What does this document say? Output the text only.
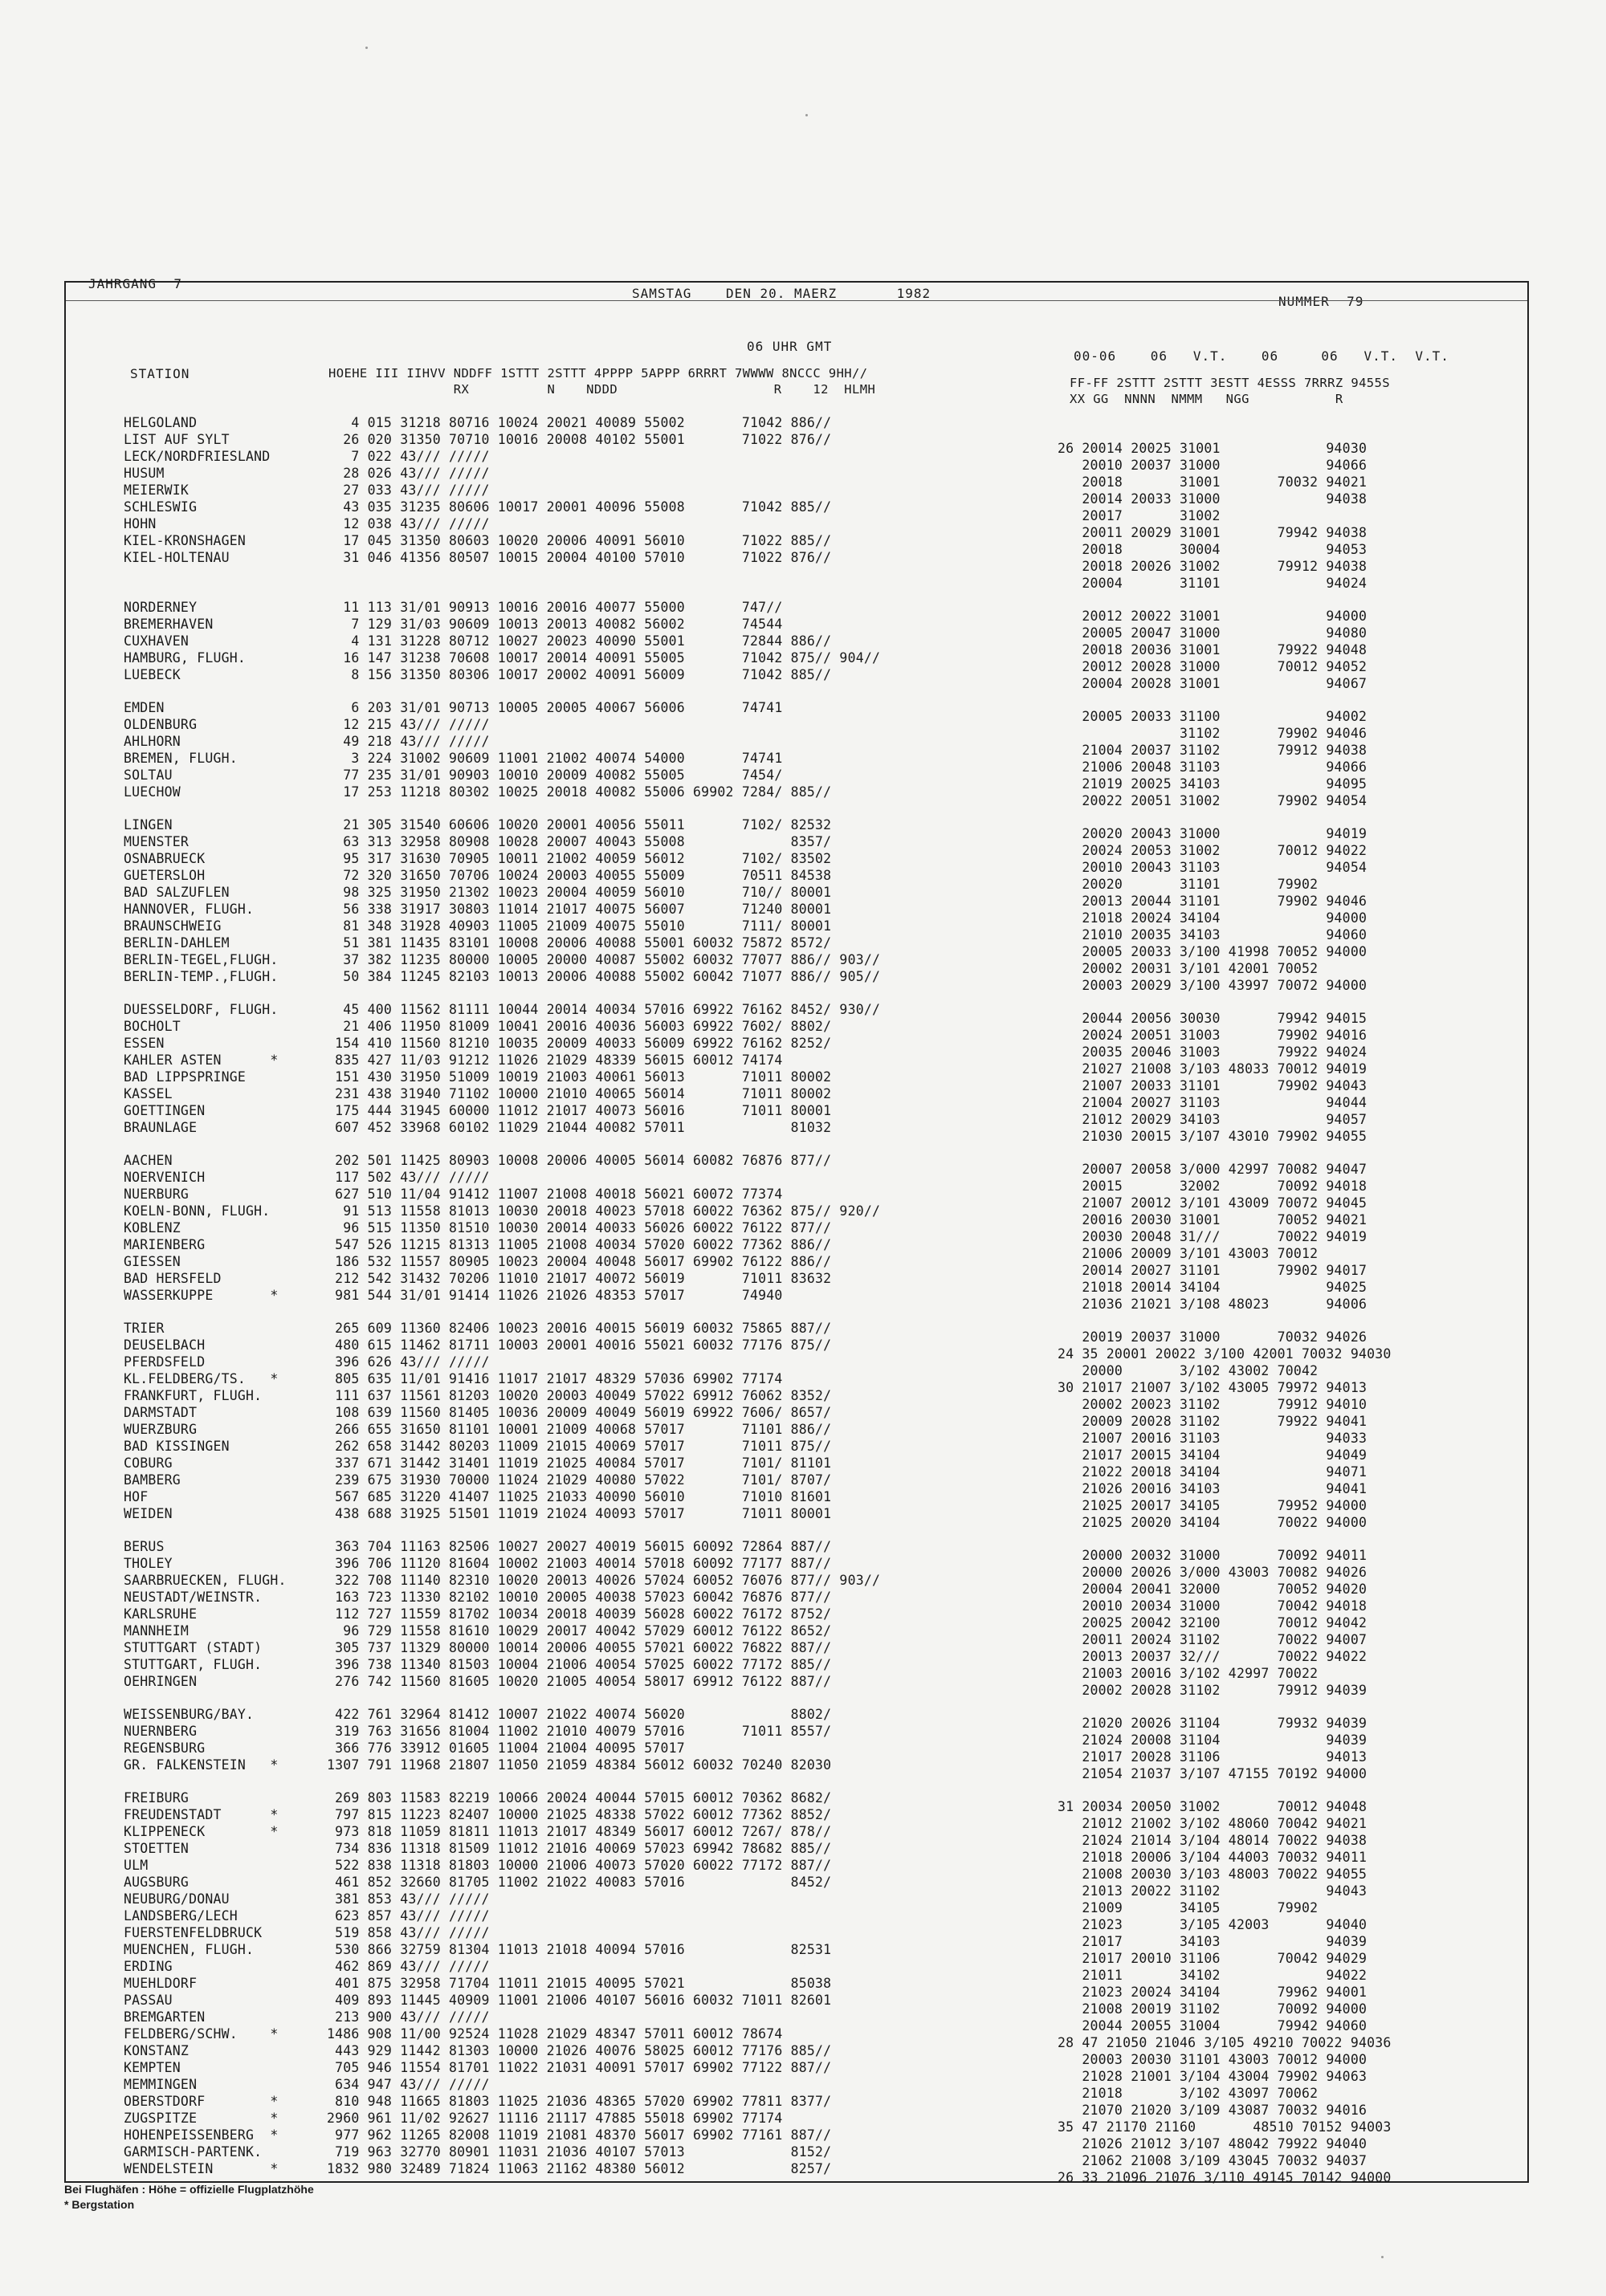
JAHRGANG  7
SAMSTAG    DEN 20. MAERZ       1982
NUMMER  79
06 UHR GMT
00-06    06   V.T.    06     06   V.T.  V.T.
STATION	HOEHE III IIHVV NDDFF 1STTT 2STTT 4PPPP 5APPP 6RRRT 7WWWW 8NCCC 9HH//
RX          N    NDDD                    R    12  HLMH	FF-FF 2STTT 2STTT 3ESTT 4ESSS 7RRRZ 9455S
XX GG  NNNN  NMMM   NGG           R
HELGOLAND
LIST AUF SYLT
LECK/NORDFRIESLAND
HUSUM
MEIERWIK
SCHLESWIG
HOHN
KIEL-KRONSHAGEN
KIEL-HOLTENAU
NORDERNEY
BREMERHAVEN
CUXHAVEN
HAMBURG, FLUGH.
LUEBECK
EMDEN
OLDENBURG
AHLHORN
BREMEN, FLUGH.
SOLTAU
LUECHOW
LINGEN
MUENSTER
OSNABRUECK
GUETERSLOH
BAD SALZUFLEN
HANNOVER, FLUGH.
BRAUNSCHWEIG
BERLIN-DAHLEM
BERLIN-TEGEL,FLUGH.
BERLIN-TEMP.,FLUGH.
DUESSELDORF, FLUGH.
BOCHOLT
ESSEN
KAHLER ASTEN      *
BAD LIPPSPRINGE
KASSEL
GOETTINGEN
BRAUNLAGE
AACHEN
NOERVENICH
NUERBURG
KOELN-BONN, FLUGH.
KOBLENZ
MARIENBERG
GIESSEN
BAD HERSFELD
WASSERKUPPE       *
TRIER
DEUSELBACH
PFERDSFELD
KL.FELDBERG/TS.   *
FRANKFURT, FLUGH.
DARMSTADT
WUERZBURG
BAD KISSINGEN
COBURG
BAMBERG
HOF
WEIDEN
BERUS
THOLEY
SAARBRUECKEN, FLUGH.
NEUSTADT/WEINSTR.
KARLSRUHE
MANNHEIM
STUTTGART (STADT)
STUTTGART, FLUGH.
OEHRINGEN
WEISSENBURG/BAY.
NUERNBERG
REGENSBURG
GR. FALKENSTEIN   *
FREIBURG
FREUDENSTADT      *
KLIPPENECK        *
STOETTEN
ULM
AUGSBURG
NEUBURG/DONAU
LANDSBERG/LECH
FUERSTENFELDBRUCK
MUENCHEN, FLUGH.
ERDING
MUEHLDORF
PASSAU
BREMGARTEN
FELDBERG/SCHW.    *
KONSTANZ
KEMPTEN
MEMMINGEN
OBERSTDORF        *
ZUGSPITZE         *
HOHENPEISSENBERG  *
GARMISCH-PARTENK.
WENDELSTEIN       *
4 015 31218 80716 10024 20021 40089 55002       71042 886//
26 020 31350 70710 10016 20008 40102 55001       71022 876//
7 022 43/// /////
28 026 43/// /////
27 033 43/// /////
43 035 31235 80606 10017 20001 40096 55008       71042 885//
12 038 43/// /////
17 045 31350 80603 10020 20006 40091 56010       71022 885//
31 046 41356 80507 10015 20004 40100 57010       71022 876//
11 113 31/01 90913 10016 20016 40077 55000       747//
7 129 31/03 90609 10013 20013 40082 56002       74544
4 131 31228 80712 10027 20023 40090 55001       72844 886//
16 147 31238 70608 10017 20014 40091 55005       71042 875// 904//
8 156 31350 80306 10017 20002 40091 56009       71042 885//
6 203 31/01 90713 10005 20005 40067 56006       74741
12 215 43/// /////
49 218 43/// /////
3 224 31002 90609 11001 21002 40074 54000       74741
77 235 31/01 90903 10010 20009 40082 55005       7454/
17 253 11218 80302 10025 20018 40082 55006 69902 7284/ 885//
21 305 31540 60606 10020 20001 40056 55011       7102/ 82532
63 313 32958 80908 10028 20007 40043 55008             8357/
95 317 31630 70905 10011 21002 40059 56012       7102/ 83502
72 320 31650 70706 10024 20003 40055 55009       70511 84538
98 325 31950 21302 10023 20004 40059 56010       710// 80001
56 338 31917 30803 11014 21017 40075 56007       71240 80001
81 348 31928 40903 11005 21009 40075 55010       7111/ 80001
51 381 11435 83101 10008 20006 40088 55001 60032 75872 8572/
37 382 11235 80000 10005 20000 40087 55002 60032 77077 886// 903//
50 384 11245 82103 10013 20006 40088 55002 60042 71077 886// 905//
45 400 11562 81111 10044 20014 40034 57016 69922 76162 8452/ 930//
21 406 11950 81009 10041 20016 40036 56003 69922 7602/ 8802/
154 410 11560 81210 10035 20009 40033 56009 69922 76162 8252/
835 427 11/03 91212 11026 21029 48339 56015 60012 74174
151 430 31950 51009 10019 21003 40061 56013       71011 80002
231 438 31940 71102 10000 21010 40065 56014       71011 80002
175 444 31945 60000 11012 21017 40073 56016       71011 80001
607 452 33968 60102 11029 21044 40082 57011             81032
202 501 11425 80903 10008 20006 40005 56014 60082 76876 877//
117 502 43/// /////
627 510 11/04 91412 11007 21008 40018 56021 60072 77374
91 513 11558 81013 10030 20018 40023 57018 60022 76362 875// 920//
96 515 11350 81510 10030 20014 40033 56026 60022 76122 877//
547 526 11215 81313 11005 21008 40034 57020 60022 77362 886//
186 532 11557 80905 10023 20004 40048 56017 69902 76122 886//
212 542 31432 70206 11010 21017 40072 56019       71011 83632
981 544 31/01 91414 11026 21026 48353 57017       74940
265 609 11360 82406 10023 20016 40015 56019 60032 75865 887//
480 615 11462 81711 10003 20001 40016 55021 60032 77176 875//
396 626 43/// /////
805 635 11/01 91416 11017 21017 48329 57036 69902 77174
111 637 11561 81203 10020 20003 40049 57022 69912 76062 8352/
108 639 11560 81405 10036 20009 40049 56019 69922 7606/ 8657/
266 655 31650 81101 10001 21009 40068 57017       71101 886//
262 658 31442 80203 11009 21015 40069 57017       71011 875//
337 671 31442 31401 11019 21025 40084 57017       7101/ 81101
239 675 31930 70000 11024 21029 40080 57022       7101/ 8707/
567 685 31220 41407 11025 21033 40090 56010       71010 81601
438 688 31925 51501 11019 21024 40093 57017       71011 80001
363 704 11163 82506 10027 20027 40019 56015 60092 72864 887//
396 706 11120 81604 10002 21003 40014 57018 60092 77177 887//
322 708 11140 82310 10020 20013 40026 57024 60052 76076 877// 903//
163 723 11330 82102 10010 20005 40038 57023 60042 76876 877//
112 727 11559 81702 10034 20018 40039 56028 60022 76172 8752/
96 729 11558 81610 10029 20017 40042 57029 60012 76122 8652/
305 737 11329 80000 10014 20006 40055 57021 60022 76822 887//
396 738 11340 81503 10004 21006 40054 57025 60022 77172 885//
276 742 11560 81605 10020 21005 40054 58017 69912 76122 887//
422 761 32964 81412 10007 21022 40074 56020             8802/
319 763 31656 81004 11002 21010 40079 57016       71011 8557/
366 776 33912 01605 11004 21004 40095 57017
1307 791 11968 21807 11050 21059 48384 56012 60032 70240 82030
269 803 11583 82219 10066 20024 40044 57015 60012 70362 8682/
797 815 11223 82407 10000 21025 48338 57022 60012 77362 8852/
973 818 11059 81811 11013 21017 48349 56017 60012 7267/ 878//
734 836 11318 81509 11012 21016 40069 57023 69942 78682 885//
522 838 11318 81803 10000 21006 40073 57020 60022 77172 887//
461 852 32660 81705 11002 21022 40083 57016             8452/
381 853 43/// /////
623 857 43/// /////
519 858 43/// /////
530 866 32759 81304 11013 21018 40094 57016             82531
462 869 43/// /////
401 875 32958 71704 11011 21015 40095 57021             85038
409 893 11445 40909 11001 21006 40107 56016 60032 71011 82601
213 900 43/// /////
1486 908 11/00 92524 11028 21029 48347 57011 60012 78674
443 929 11442 81303 10000 21026 40076 58025 60012 77176 885//
705 946 11554 81701 11022 21031 40091 57017 69902 77122 887//
634 947 43/// /////
810 948 11665 81803 11025 21036 48365 57020 69902 77811 8377/
2960 961 11/02 92627 11116 21117 47885 55018 69902 77174
977 962 11265 82008 11019 21081 48370 56017 69902 77161 887//
719 963 32770 80901 11031 21036 40107 57013             8152/
1832 980 32489 71824 11063 21162 48380 56012             8257/
26 20014 20025 31001             94030
20010 20037 31000             94066
20018       31001       70032 94021
20014 20033 31000             94038
20017       31002
20011 20029 31001       79942 94038
20018       30004             94053
20018 20026 31002       79912 94038
20004       31101             94024
20012 20022 31001             94000
20005 20047 31000             94080
20018 20036 31001       79922 94048
20012 20028 31000       70012 94052
20004 20028 31001             94067
20005 20033 31100             94002
31102       79902 94046
21004 20037 31102       79912 94038
21006 20048 31103             94066
21019 20025 34103             94095
20022 20051 31002       79902 94054
20020 20043 31000             94019
20024 20053 31002       70012 94022
20010 20043 31103             94054
20020       31101       79902
20013 20044 31101       79902 94046
21018 20024 34104             94000
21010 20035 34103             94060
20005 20033 3/100 41998 70052 94000
20002 20031 3/101 42001 70052
20003 20029 3/100 43997 70072 94000
20044 20056 30030       79942 94015
20024 20051 31003       79902 94016
20035 20046 31003       79922 94024
21027 21008 3/103 48033 70012 94019
21007 20033 31101       79902 94043
21004 20027 31103             94044
21012 20029 34103             94057
21030 20015 3/107 43010 79902 94055
20007 20058 3/000 42997 70082 94047
20015       32002       70092 94018
21007 20012 3/101 43009 70072 94045
20016 20030 31001       70052 94021
20030 20048 31///       70022 94019
21006 20009 3/101 43003 70012
20014 20027 31101       79902 94017
21018 20014 34104             94025
21036 21021 3/108 48023       94006
20019 20037 31000       70032 94026
24 35 20001 20022 3/100 42001 70032 94030
20000       3/102 43002 70042
30 21017 21007 3/102 43005 79972 94013
20002 20023 31102       79912 94010
20009 20028 31102       79922 94041
21007 20016 31103             94033
21017 20015 34104             94049
21022 20018 34104             94071
21026 20016 34103             94041
21025 20017 34105       79952 94000
21025 20020 34104       70022 94000
20000 20032 31000       70092 94011
20000 20026 3/000 43003 70082 94026
20004 20041 32000       70052 94020
20010 20034 31000       70042 94018
20025 20042 32100       70012 94042
20011 20024 31102       70022 94007
20013 20037 32///       70022 94022
21003 20016 3/102 42997 70022
20002 20028 31102       79912 94039
21020 20026 31104       79932 94039
21024 20008 31104             94039
21017 20028 31106             94013
21054 21037 3/107 47155 70192 94000
31 20034 20050 31002       70012 94048
21012 21002 3/102 48060 70042 94021
21024 21014 3/104 48014 70022 94038
21018 20006 3/104 44003 70032 94011
21008 20030 3/103 48003 70022 94055
21013 20022 31102             94043
21009       34105       79902
21023       3/105 42003       94040
21017       34103             94039
21017 20010 31106       70042 94029
21011       34102             94022
21023 20024 34104       79962 94001
21008 20019 31102       70092 94000
20044 20055 31004       79942 94060
28 47 21050 21046 3/105 49210 70022 94036
20003 20030 31101 43003 70012 94000
21028 21001 3/104 43004 79902 94063
21018       3/102 43097 70062
21070 21020 3/109 43087 70032 94016
35 47 21170 21160       48510 70152 94003
21026 21012 3/107 48042 79922 94040
21062 21008 3/109 43045 70032 94037
26 33 21096 21076 3/110 49145 70142 94000
Bei Flughäfen : Höhe = offizielle Flugplatzhöhe
* Bergstation
